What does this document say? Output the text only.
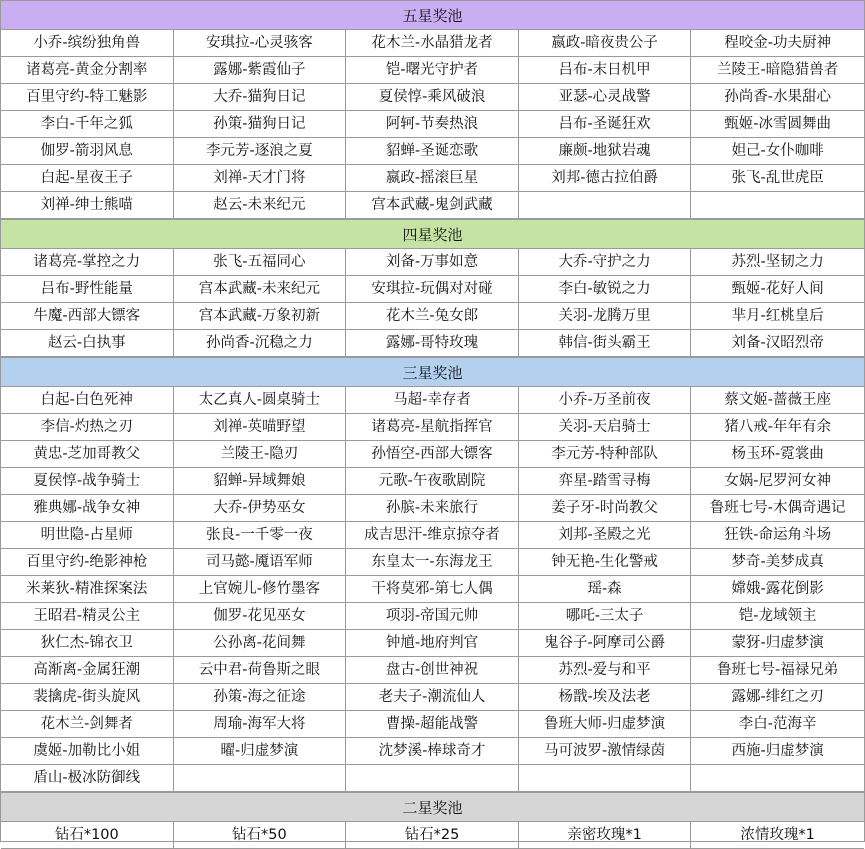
五星奖池
小乔-缤纷独角兽	安琪拉-心灵骇客	花木兰-水晶猎龙者	嬴政-暗夜贵公子	程咬金-功夫厨神
诸葛亮-黄金分割率	露娜-紫霞仙子	铠-曙光守护者	吕布-末日机甲	兰陵王-暗隐猎兽者
百里守约-特工魅影	大乔-猫狗日记	夏侯惇-乘风破浪	亚瑟-心灵战警	孙尚香-水果甜心
李白-千年之狐	孙策-猫狗日记	阿轲-节奏热浪	吕布-圣诞狂欢	甄姬-冰雪圆舞曲
伽罗-箭羽风息	李元芳-逐浪之夏	貂蝉-圣诞恋歌	廉颇-地狱岩魂	妲己-女仆咖啡
白起-星夜王子	刘禅-天才门将	嬴政-摇滚巨星	刘邦-德古拉伯爵	张飞-乱世虎臣
刘禅-绅士熊喵	赵云-未来纪元	宫本武藏-鬼剑武藏
四星奖池
诸葛亮-掌控之力	张飞-五福同心	刘备-万事如意	大乔-守护之力	苏烈-坚韧之力
吕布-野性能量	宫本武藏-未来纪元	安琪拉-玩偶对对碰	李白-敏锐之力	甄姬-花好人间
牛魔-西部大镖客	宫本武藏-万象初新	花木兰-兔女郎	关羽-龙腾万里	芈月-红桃皇后
赵云-白执事	孙尚香-沉稳之力	露娜-哥特玫瑰	韩信-街头霸王	刘备-汉昭烈帝
三星奖池
白起-白色死神	太乙真人-圆桌骑士	马超-幸存者	小乔-万圣前夜	蔡文姬-蔷薇王座
李信-灼热之刃	刘禅-英喵野望	诸葛亮-星航指挥官	关羽-天启骑士	猪八戒-年年有余
黄忠-芝加哥教父	兰陵王-隐刃	孙悟空-西部大镖客	李元芳-特种部队	杨玉环-霓裳曲
夏侯惇-战争骑士	貂蝉-异域舞娘	元歌-午夜歌剧院	弈星-踏雪寻梅	女娲-尼罗河女神
雅典娜-战争女神	大乔-伊势巫女	孙膑-未来旅行	姜子牙-时尚教父	鲁班七号-木偶奇遇记
明世隐-占星师	张良-一千零一夜	成吉思汗-维京掠夺者	刘邦-圣殿之光	狂铁-命运角斗场
百里守约-绝影神枪	司马懿-魇语军师	东皇太一-东海龙王	钟无艳-生化警戒	梦奇-美梦成真
米莱狄-精准探案法	上官婉儿-修竹墨客	干将莫邪-第七人偶	瑶-森	嫦娥-露花倒影
王昭君-精灵公主	伽罗-花见巫女	项羽-帝国元帅	哪吒-三太子	铠-龙域领主
狄仁杰-锦衣卫	公孙离-花间舞	钟馗-地府判官	鬼谷子-阿摩司公爵	蒙犽-归虚梦演
高渐离-金属狂潮	云中君-荷鲁斯之眼	盘古-创世神祝	苏烈-爱与和平	鲁班七号-福禄兄弟
裴擒虎-街头旋风	孙策-海之征途	老夫子-潮流仙人	杨戬-埃及法老	露娜-绯红之刃
花木兰-剑舞者	周瑜-海军大将	曹操-超能战警	鲁班大师-归虚梦演	李白-范海辛
虞姬-加勒比小姐	曜-归虚梦演	沈梦溪-棒球奇才	马可波罗-激情绿茵	西施-归虚梦演
盾山-极冰防御线
二星奖池
钻石*100	钻石*50	钻石*25	亲密玫瑰*1	浓情玫瑰*1
